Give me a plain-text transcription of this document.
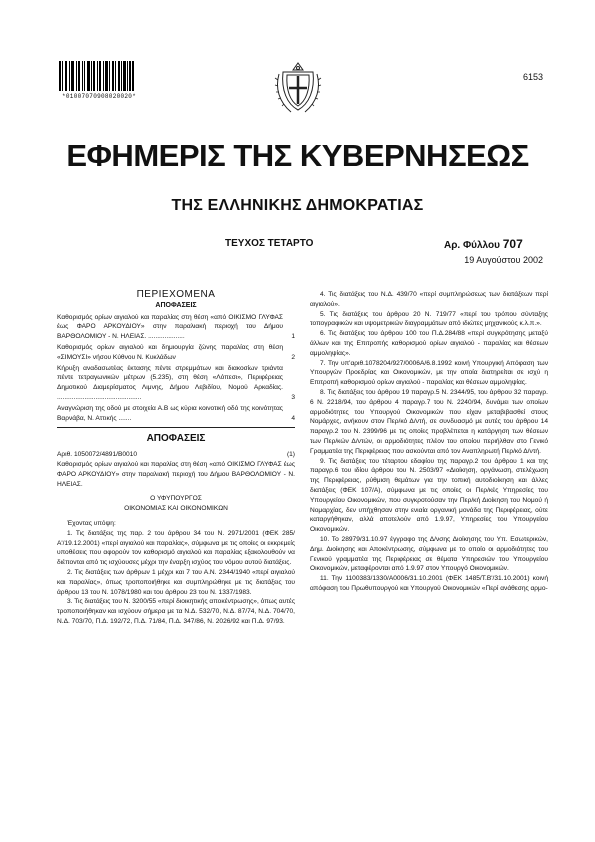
*01007070908020020*
6153
ΕΦΗΜΕΡΙΣ ΤΗΣ ΚΥΒΕΡΝΗΣΕΩΣ
ΤΗΣ ΕΛΛΗΝΙΚΗΣ ΔΗΜΟΚΡΑΤΙΑΣ
ΤΕΥΧΟΣ ΤΕΤΑΡΤΟ	Αρ. Φύλλου 707
19 Αυγούστου 2002
ΠΕΡΙΕΧΟΜΕΝΑ
ΑΠΟΦΑΣΕΙΣ
Καθορισμός ορίων αιγιαλού και παραλίας στη θέση «από ΟΙΚΙΣΜΟ ΓΛΥΦΑΣ έως ΦΑΡΟ ΑΡΚΟΥΔΙΟΥ» στην παραλιακή περιοχή του Δήμου ΒΑΡΘΟΛΟΜΙΟΥ - Ν. ΗΛΕΙΑΣ. ....................	1
Καθορισμός ορίων αιγιαλού και δημιουργία ζώνης παραλίας στη θέση «ΣΙΜΟΥΣΙ» νήσου Κύθνου Ν. Κυκλάδων	2
Κήρυξη αναδασωτέας έκτασης πέντε στρεμμάτων και διακοσίων τριάντα πέντε τετραγωνικών μέτρων (5.235), στη θέση «Λόπεσι», Περιφέρειας Δημοτικού Διαμερίσματος Λιμνης, Δήμου Λεβιδίου, Νομού Αρκαδίας. ..............................................	3
Αναγνώριση της οδού με στοιχεία Α.Β ως κύρια κοινοτική οδό της κοινότητας Βαρνάβα, Ν. Αττικής .......	4
ΑΠΟΦΑΣΕΙΣ
Αριθ. 1050072/4891/Β0010	(1)

Καθορισμός ορίων αιγιαλού και παραλίας στη θέση «από ΟΙΚΙΣΜΟ ΓΛΥΦΑΣ έως ΦΑΡΟ ΑΡΚΟΥΔΙΟΥ» στην παραλιακή περιοχή του Δήμου ΒΑΡΘΟΛΟΜΙΟΥ - Ν. ΗΛΕΙΑΣ.

Ο ΥΦΥΠΟΥΡΓΟΣ

ΟΙΚΟΝΟΜΙΑΣ ΚΑΙ ΟΙΚΟΝΟΜΙΚΩΝ

Έχοντας υπόψη:

1. Τις διατάξεις της παρ. 2 του άρθρου 34 του Ν. 2971/2001 (ΦΕΚ 285/Α'/19.12.2001) «περί αιγιαλού και παραλίας», σύμφωνα με τις οποίες οι εκκρεμείς υποθέσεις που αφορούν τον καθορισμό αιγιαλού και παραλίας εξακολουθούν να διέπονται από τις ισχύουσες μέχρι την έναρξη ισχύος του νόμου αυτού διατάξεις.

2. Τις διατάξεις των άρθρων 1 μέχρι και 7 του Α.Ν. 2344/1940 «περί αιγιαλού και παραλίας», όπως τροποποιήθηκε και συμπληρώθηκε με τις διατάξεις του άρθρου 13 του Ν. 1078/1980 και του άρθρου 23 του Ν. 1337/1983.

3. Τις διατάξεις του Ν. 3200/55 «περί διοικητικής αποκέντρωσης», όπως αυτές τροποποιήθηκαν και ισχύουν σήμερα με τα Ν.Δ. 532/70, Ν.Δ. 87/74, Ν.Δ. 704/70, Ν.Δ. 703/70, Π.Δ. 192/72, Π.Δ. 71/84, Π.Δ. 347/86, Ν. 2026/92 και Π.Δ. 97/93.

4. Τις διατάξεις του Ν.Δ. 439/70 «περί συμπληρώσεως των διατάξεων περί αιγιαλού».

5. Τις διατάξεις του άρθρου 20 Ν. 719/77 «περί του τρόπου σύνταξης τοπογραφικών και υψομετρικών διαγραμμάτων από ιδιώτες μηχανικούς κ.λ.π.».

6. Τις διατάξεις του άρθρου 100 του Π.Δ.284/88 «περί συγκρότησης μεταξύ άλλων και της Επιτροπής καθορισμού ορίων αιγιαλού - παραλίας και θέσεων αμμοληψίας».

7. Την υπ'αριθ.1078204/927/0006Α/6.8.1992 κοινή Υπουργική Απόφαση των Υπουργών Προεδρίας και Οικονομικών, με την οποία διατηρείται σε ισχύ η Επιτροπή καθορισμού ορίων αιγιαλού - παραλίας και θέσεων αμμοληψίας.

8. Τις διατάξεις του άρθρου 19 παραγρ.5 Ν. 2344/95, του άρθρου 32 παραγρ. 6 Ν. 2218/94, του άρθρου 4 παραγρ.7 του Ν. 2240/94, δυνάμει των οποίων αρμοδιότητες του Υπουργού Οικονομικών που είχαν μεταβιβασθεί στους Νομάρχες, ανήκουν στον Περ/κό Δ/ντή, σε συνδυασμό με αυτές του άρθρου 14 παραγρ.2 του Ν. 2399/96 με τις οποίες προβλέπεται η κατάργηση των θέσεων των Περ/κών Δ/ντών, οι αρμοδιότητες πλέον του οποίου περιήλθαν στο Γενικό Γραμματέα της Περιφέρειας που ασκούνται από τον Αναπληρωτή Περ/κό Δ/ντή.

9. Τις διατάξεις του τέταρτου εδαφίου της παραγρ.2 του άρθρου 1 και της παραγρ.6 του ιδίου άρθρου του Ν. 2503/97 «Διοίκηση, οργάνωση, στελέχωση της Περιφέρειας, ρύθμιση θεμάτων για την τοπική αυτοδιοίκηση και άλλες διατάξεις (ΦΕΚ 107/Α), σύμφωνα με τις οποίες οι Περ/κές Υπηρεσίες του Υπουργείου Οικονομικών, που συγκροτούσαν την Περ/κή Διοίκηση του Νομού ή Νομαρχίας, δεν υπήχθησαν στην ενιαία οργανική μονάδα της Περιφέρειας, ούτε καταργήθηκαν, αλλά αποτελούν από 1.9.97, Υπηρεσίες του Υπουργείου Οικονομικών.

10. Το 28979/31.10.97 έγγραφο της Δ/νσης Διοίκησης του Υπ. Εσωτερικών, Δημ. Διοίκησης και Αποκέντρωσης, σύμφωνα με το οποίο οι αρμοδιότητες του Γενικού γραμματέα της Περιφέρειας σε θέματα Υπηρεσιών του Υπουργείου Οικονομικών, μεταφέρονται από 1.9.97 στον Υπουργό Οικονομικών.

11. Την 1100383/1330/Α0006/31.10.2001 (ΦΕΚ 1485/Τ.Β'/31.10.2001) κοινή απόφαση του Πρωθυπουργού και Υπουργού Οικονομικών «Περί ανάθεσης αρμο-
